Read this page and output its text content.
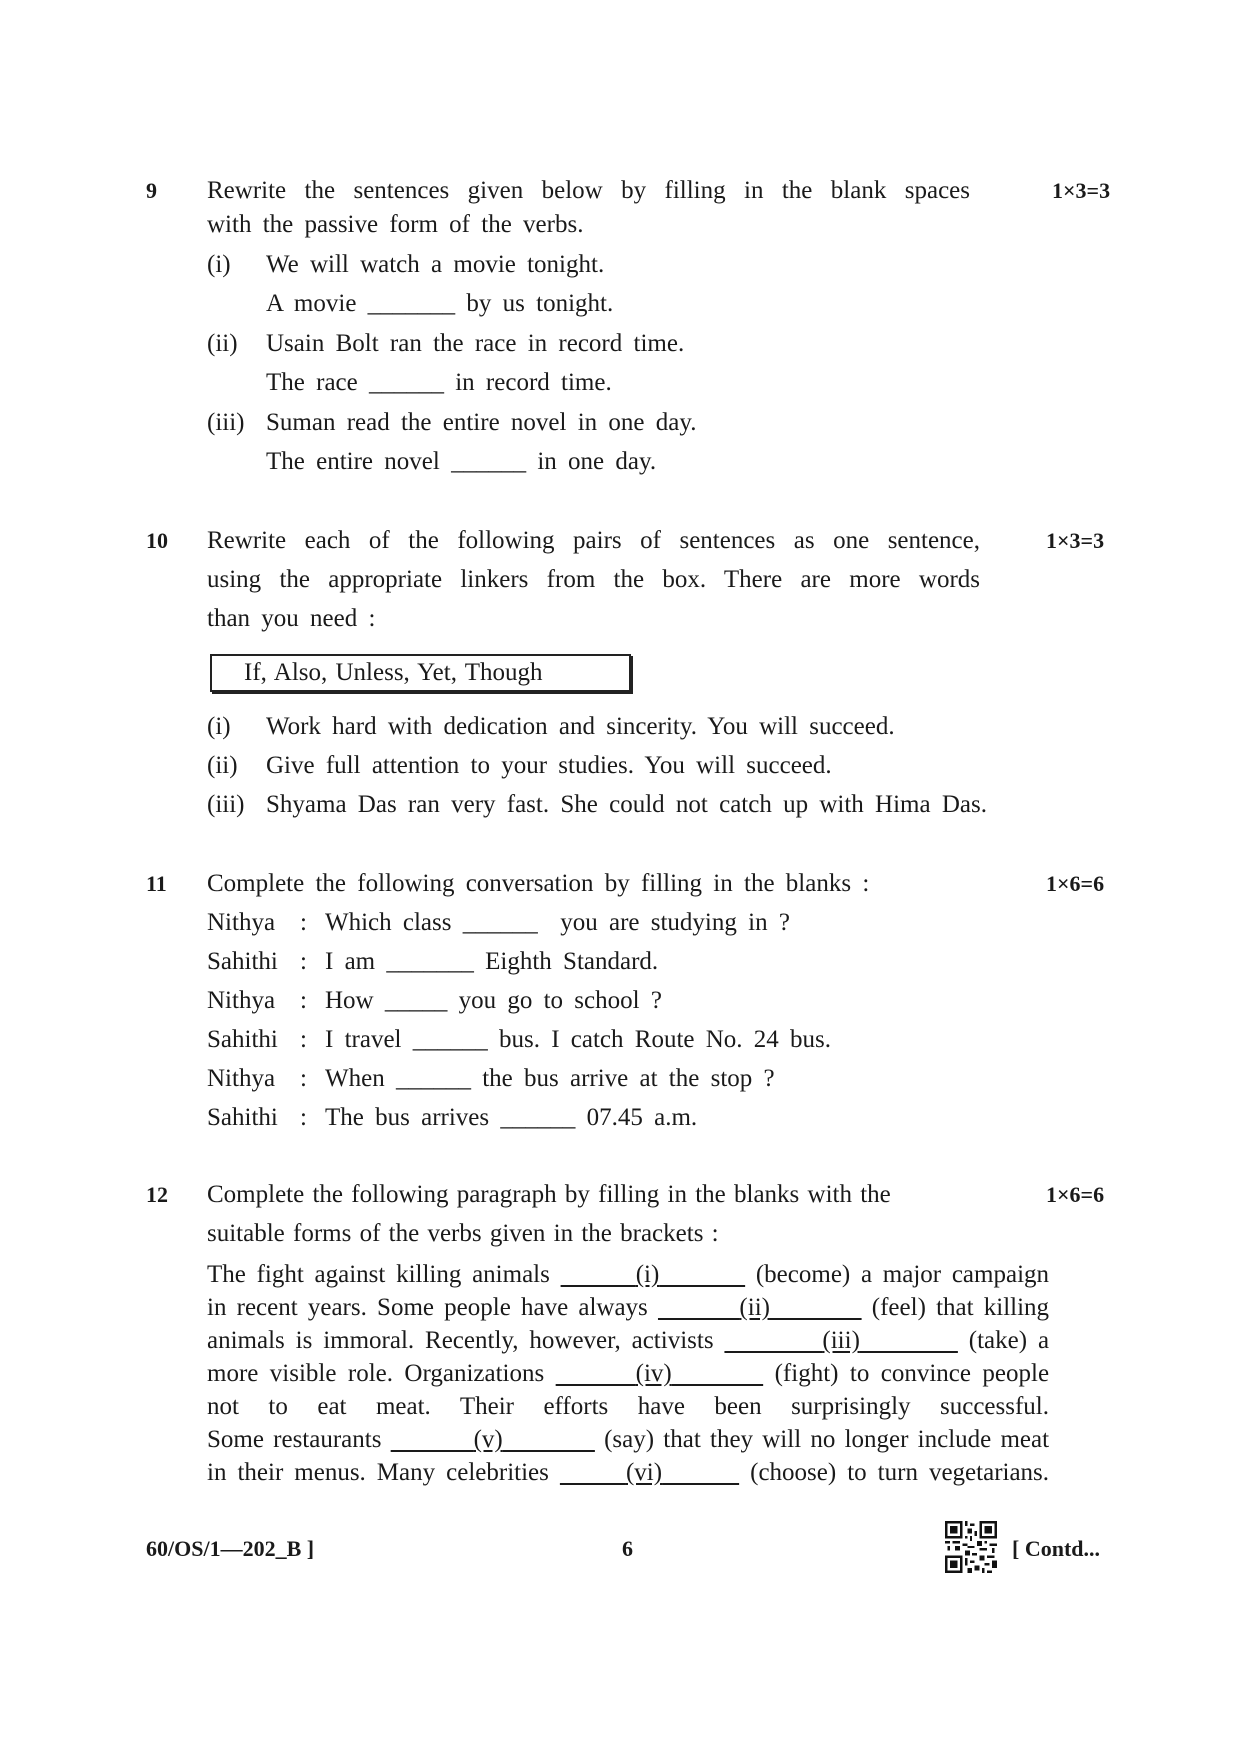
9	1×3=3
Rewrite the sentences given below by filling in the blank spaces
with the passive form of the verbs.
(i) We will watch a movie tonight.
A movie _______ by us tonight.
(ii) Usain Bolt ran the race in record time.
The race ______ in record time.
(iii) Suman read the entire novel in one day.
The entire novel ______ in one day.
10	1×3=3
Rewrite each of the following pairs of sentences as one sentence,
using the appropriate linkers from the box. There are more words
than you need :
If, Also, Unless, Yet, Though
(i) Work hard with dedication and sincerity. You will succeed.
(ii) Give full attention to your studies. You will succeed.
(iii) Shyama Das ran very fast. She could not catch up with Hima Das.
11	1×6=6
Complete the following conversation by filling in the blanks :
Nithya : Which class ______ you are studying in ?
Sahithi : I am _______ Eighth Standard.
Nithya : How _____ you go to school ?
Sahithi : I travel ______ bus. I catch Route No. 24 bus.
Nithya : When ______ the bus arrive at the stop ?
Sahithi : The bus arrives ______ 07.45 a.m.
12	1×6=6
Complete the following paragraph by filling in the blanks with the
suitable forms of the verbs given in the brackets :
The fight against killing animals	(i)	(become) a major campaign
in recent years. Some people have always	(ii)	(feel) that killing
animals is immoral. Recently, however, activists	(iii)	(take) a
more visible role. Organizations	(iv)	(fight) to convince people
not to eat meat. Their efforts have been surprisingly successful.
Some restaurants	(v)	(say) that they will no longer include meat
in their menus. Many celebrities	(vi)	(choose) to turn vegetarians.
60/OS/1—202_B ]	6	[ Contd...
